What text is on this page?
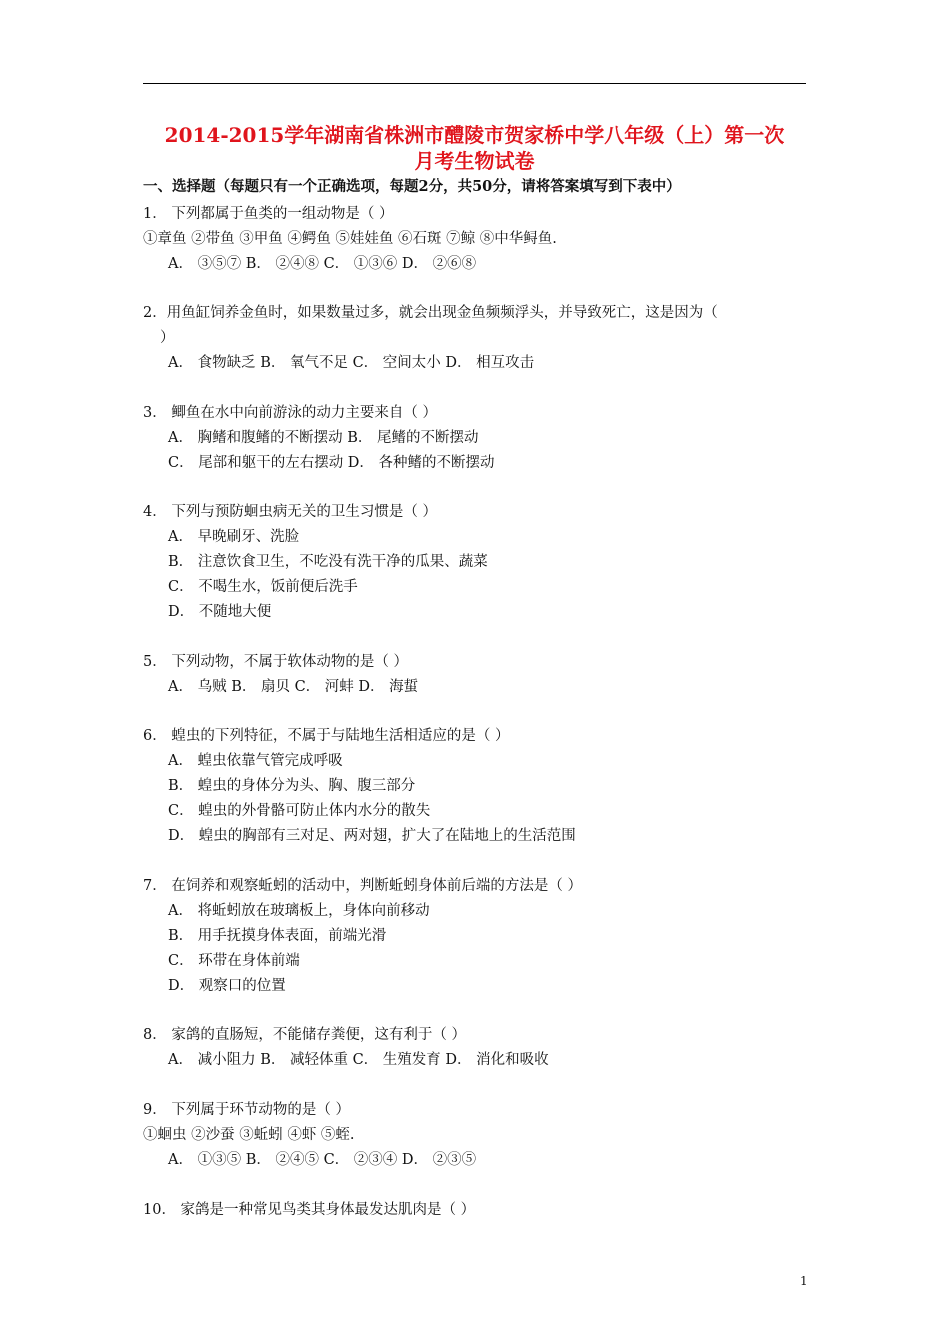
2014-2015学年湖南省株洲市醴陵市贺家桥中学八年级（上）第一次
月考生物试卷
一、选择题（每题只有一个正确选项，每题2分，共50分，请将答案填写到下表中）
1． 下列都属于鱼类的一组动物是（ ）
①章鱼 ②带鱼 ③甲鱼 ④鳄鱼 ⑤娃娃鱼 ⑥石斑 ⑦鲸 ⑧中华鲟鱼.
A． ③⑤⑦ B． ②④⑧ C． ①③⑥ D． ②⑥⑧
2．用鱼缸饲养金鱼时，如果数量过多，就会出现金鱼频频浮头，并导致死亡，这是因为（
）
A． 食物缺乏 B． 氧气不足 C． 空间太小 D． 相互攻击
3． 鲫鱼在水中向前游泳的动力主要来自（ ）
A． 胸鳍和腹鳍的不断摆动 B． 尾鳍的不断摆动
C． 尾部和躯干的左右摆动 D． 各种鳍的不断摆动
4． 下列与预防蛔虫病无关的卫生习惯是（ ）
A． 早晚刷牙、洗脸
B． 注意饮食卫生，不吃没有洗干净的瓜果、蔬菜
C． 不喝生水，饭前便后洗手
D． 不随地大便
5． 下列动物，不属于软体动物的是（ ）
A． 乌贼 B． 扇贝 C． 河蚌 D． 海蜇
6． 蝗虫的下列特征，不属于与陆地生活相适应的是（ ）
A． 蝗虫依靠气管完成呼吸
B． 蝗虫的身体分为头、胸、腹三部分
C． 蝗虫的外骨骼可防止体内水分的散失
D． 蝗虫的胸部有三对足、两对翅，扩大了在陆地上的生活范围
7． 在饲养和观察蚯蚓的活动中，判断蚯蚓身体前后端的方法是（ ）
A． 将蚯蚓放在玻璃板上，身体向前移动
B． 用手抚摸身体表面，前端光滑
C． 环带在身体前端
D． 观察口的位置
8． 家鸽的直肠短，不能储存粪便，这有利于（ ）
A． 减小阻力 B． 减轻体重 C． 生殖发育 D． 消化和吸收
9． 下列属于环节动物的是（ ）
①蛔虫 ②沙蚕 ③蚯蚓 ④虾 ⑤蛭.
A． ①③⑤ B． ②④⑤ C． ②③④ D． ②③⑤
10． 家鸽是一种常见鸟类其身体最发达肌肉是（ ）
1
